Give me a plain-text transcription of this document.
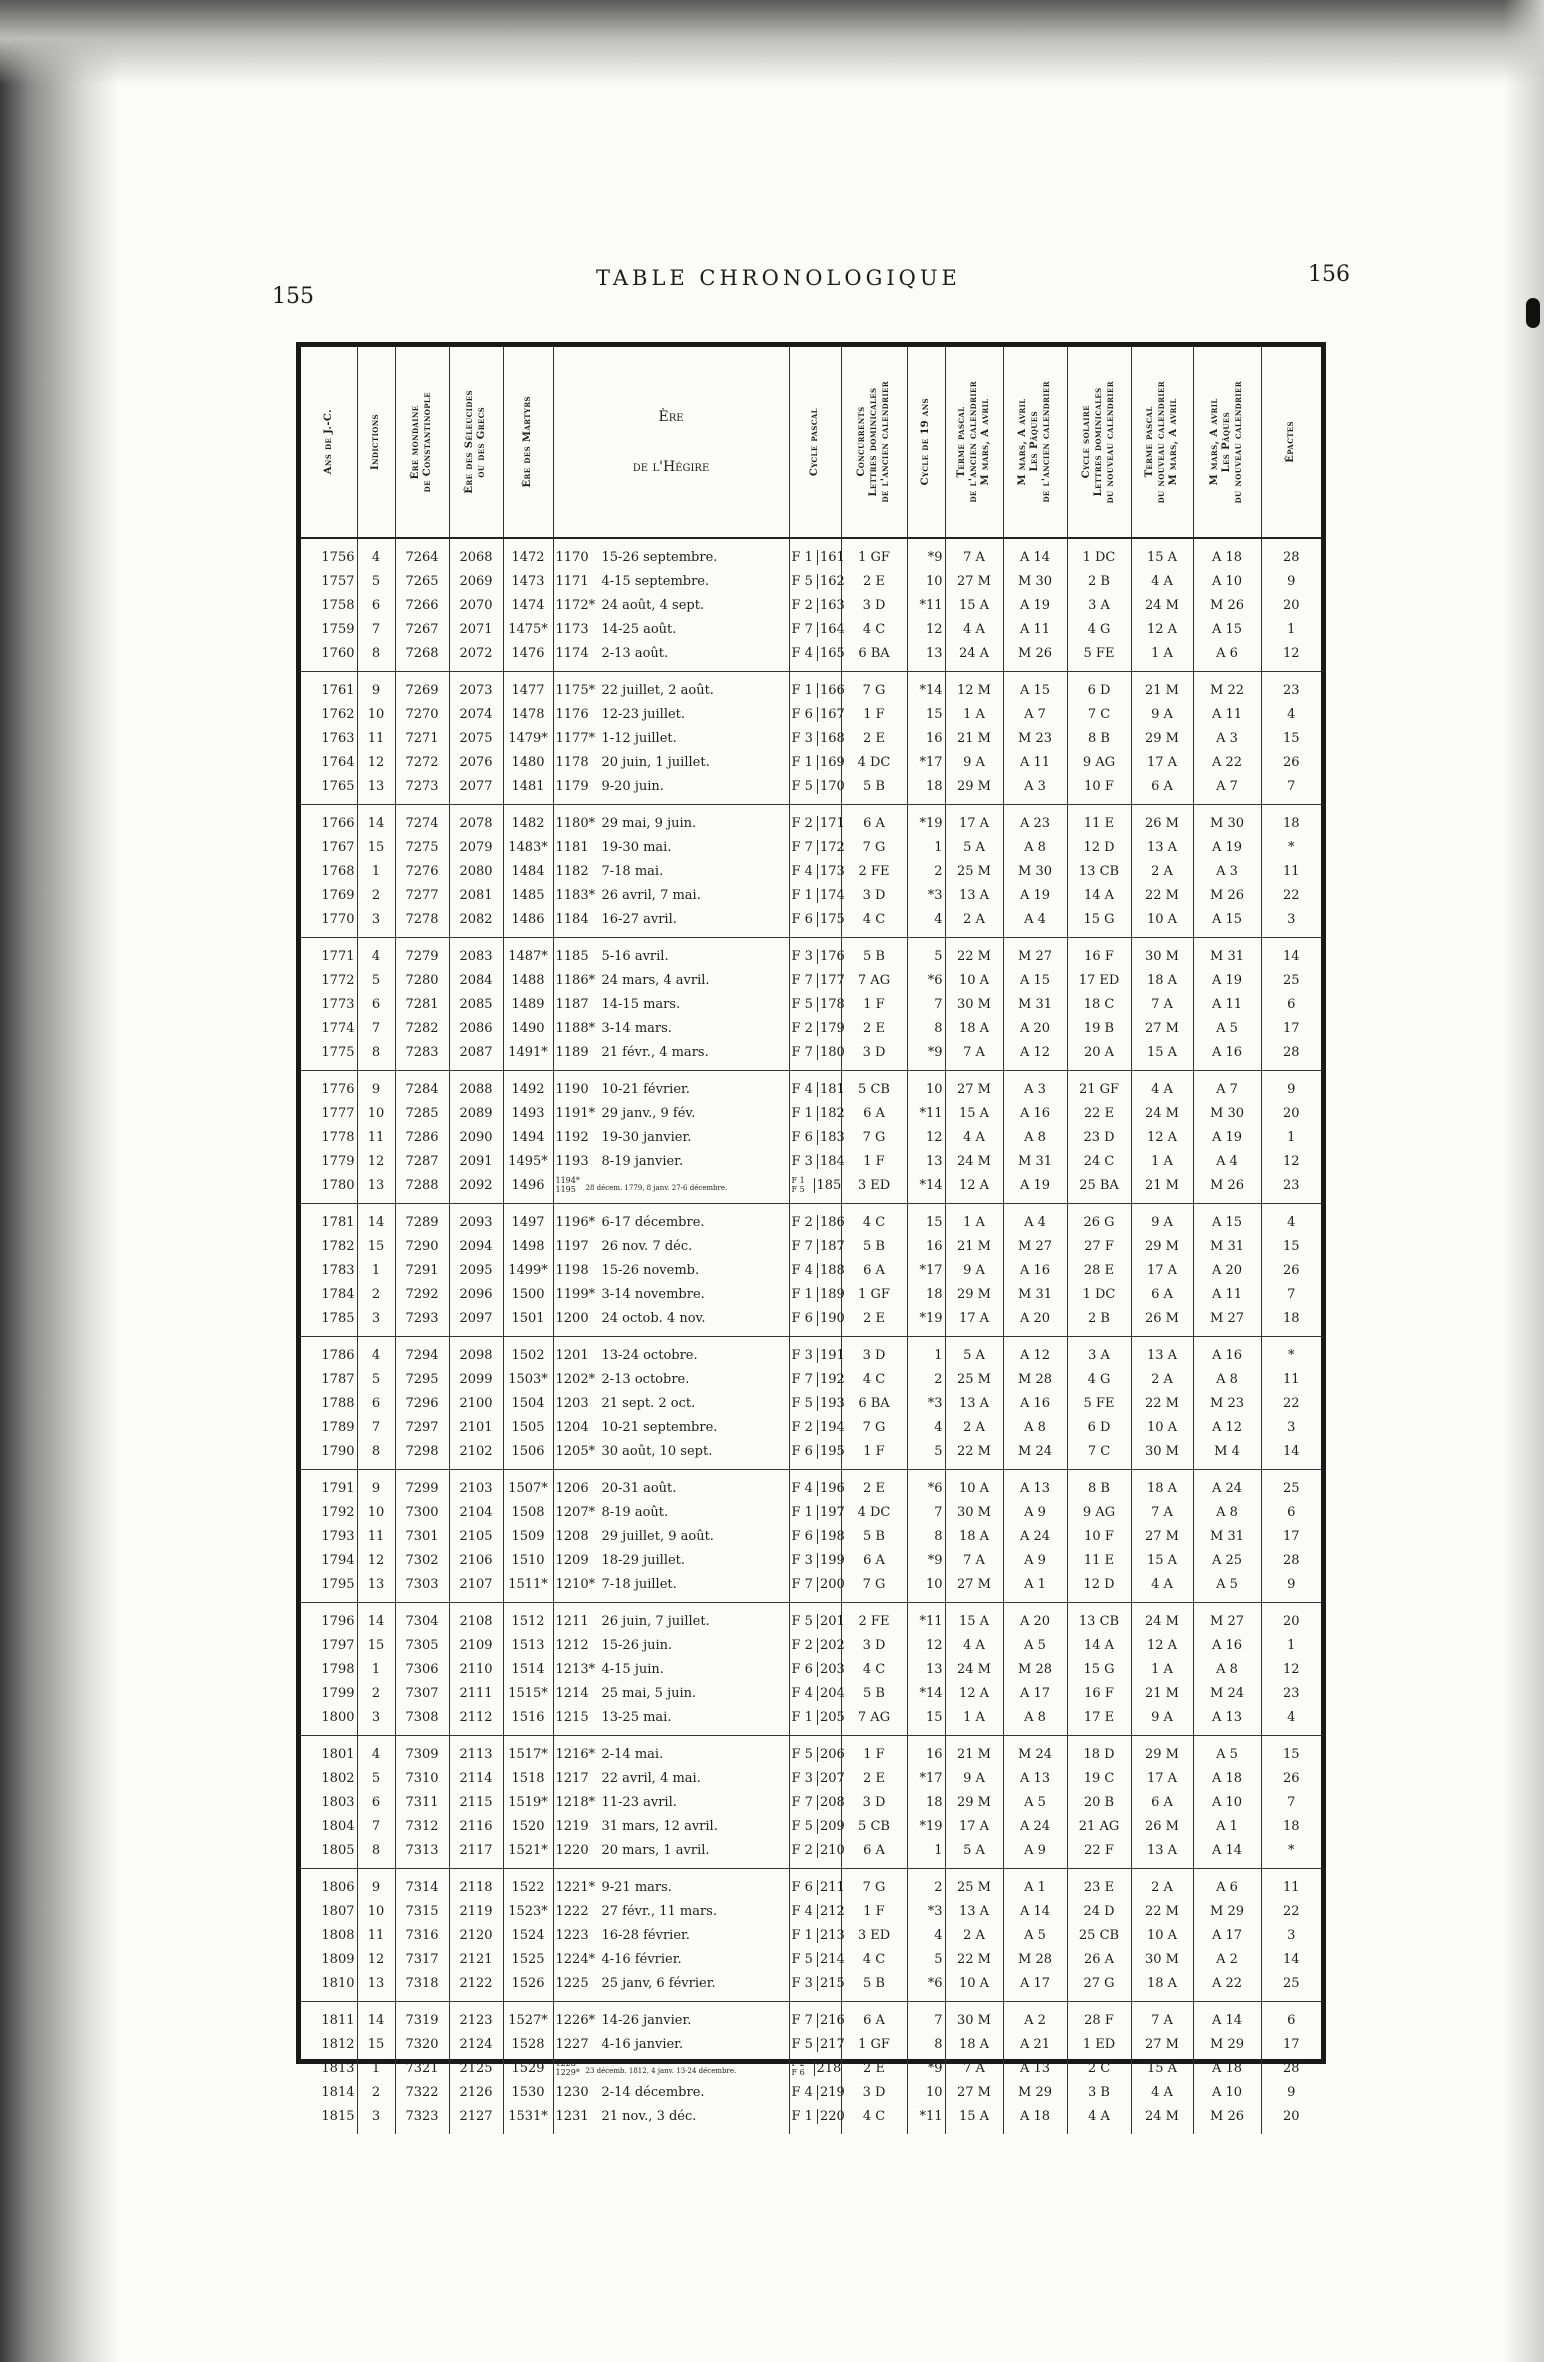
155
TABLE CHRONOLOGIQUE	156
Ans de J.-C.	Indictions	Ère mondaine
de Constantinople	Ère des Séleucides
ou des Grecs	Ère des Martyrs	Ère
de l'Hégire	Cycle pascal	Concurrents
Lettres dominicales
de l'ancien calendrier	Cycle de 19 ans	Terme pascal
de l'ancien calendrier
M mars, A avril	M mars, A avril
Les Pâques
de l'ancien calendrier	Cycle solaire
Lettres dominicales
du nouveau calendrier	Terme pascal
du nouveau calendrier
M mars, A avril	M mars, A avril
Les Pâques
du nouveau calendrier	Épactes

1756	4	7264	2068	1472	1170 15-26 septembre.	F 1 161	1 GF	*9	7 A	A 14	1 DC	15 A	A 18	28
1757	5	7265	2069	1473	1171 4-15 septembre.	F 5 162	2 E	10	27 M	M 30	2 B	4 A	A 10	9
1758	6	7266	2070	1474	1172* 24 août, 4 sept.	F 2 163	3 D	*11	15 A	A 19	3 A	24 M	M 26	20
1759	7	7267	2071	1475*	1173 14-25 août.	F 7 164	4 C	12	4 A	A 11	4 G	12 A	A 15	1
1760	8	7268	2072	1476	1174 2-13 août.	F 4 165	6 BA	13	24 A	M 26	5 FE	1 A	A 6	12
1761	9	7269	2073	1477	1175* 22 juillet, 2 août.	F 1 166	7 G	*14	12 M	A 15	6 D	21 M	M 22	23
1762	10	7270	2074	1478	1176 12-23 juillet.	F 6 167	1 F	15	1 A	A 7	7 C	9 A	A 11	4
1763	11	7271	2075	1479*	1177* 1-12 juillet.	F 3 168	2 E	16	21 M	M 23	8 B	29 M	A 3	15
1764	12	7272	2076	1480	1178 20 juin, 1 juillet.	F 1 169	4 DC	*17	9 A	A 11	9 AG	17 A	A 22	26
1765	13	7273	2077	1481	1179 9-20 juin.	F 5 170	5 B	18	29 M	A 3	10 F	6 A	A 7	7
1766	14	7274	2078	1482	1180* 29 mai, 9 juin.	F 2 171	6 A	*19	17 A	A 23	11 E	26 M	M 30	18
1767	15	7275	2079	1483*	1181 19-30 mai.	F 7 172	7 G	1	5 A	A 8	12 D	13 A	A 19	*
1768	1	7276	2080	1484	1182 7-18 mai.	F 4 173	2 FE	2	25 M	M 30	13 CB	2 A	A 3	11
1769	2	7277	2081	1485	1183* 26 avril, 7 mai.	F 1 174	3 D	*3	13 A	A 19	14 A	22 M	M 26	22
1770	3	7278	2082	1486	1184 16-27 avril.	F 6 175	4 C	4	2 A	A 4	15 G	10 A	A 15	3
1771	4	7279	2083	1487*	1185 5-16 avril.	F 3 176	5 B	5	22 M	M 27	16 F	30 M	M 31	14
1772	5	7280	2084	1488	1186* 24 mars, 4 avril.	F 7 177	7 AG	*6	10 A	A 15	17 ED	18 A	A 19	25
1773	6	7281	2085	1489	1187 14-15 mars.	F 5 178	1 F	7	30 M	M 31	18 C	7 A	A 11	6
1774	7	7282	2086	1490	1188* 3-14 mars.	F 2 179	2 E	8	18 A	A 20	19 B	27 M	A 5	17
1775	8	7283	2087	1491*	1189 21 févr., 4 mars.	F 7 180	3 D	*9	7 A	A 12	20 A	15 A	A 16	28
1776	9	7284	2088	1492	1190 10-21 février.	F 4 181	5 CB	10	27 M	A 3	21 GF	4 A	A 7	9
1777	10	7285	2089	1493	1191* 29 janv., 9 fév.	F 1 182	6 A	*11	15 A	A 16	22 E	24 M	M 30	20
1778	11	7286	2090	1494	1192 19-30 janvier.	F 6 183	7 G	12	4 A	A 8	23 D	12 A	A 19	1
1779	12	7287	2091	1495*	1193 8-19 janvier.	F 3 184	1 F	13	24 M	M 31	24 C	1 A	A 4	12
1780	13	7288	2092	1496	1194* 1195 28 décem. 1779, 8 janv. 27-6 décembre.	F 1 F 5 185	3 ED	*14	12 A	A 19	25 BA	21 M	M 26	23
1781	14	7289	2093	1497	1196* 6-17 décembre.	F 2 186	4 C	15	1 A	A 4	26 G	9 A	A 15	4
1782	15	7290	2094	1498	1197 26 nov. 7 déc.	F 7 187	5 B	16	21 M	M 27	27 F	29 M	M 31	15
1783	1	7291	2095	1499*	1198 15-26 novemb.	F 4 188	6 A	*17	9 A	A 16	28 E	17 A	A 20	26
1784	2	7292	2096	1500	1199* 3-14 novembre.	F 1 189	1 GF	18	29 M	M 31	1 DC	6 A	A 11	7
1785	3	7293	2097	1501	1200 24 octob. 4 nov.	F 6 190	2 E	*19	17 A	A 20	2 B	26 M	M 27	18
1786	4	7294	2098	1502	1201 13-24 octobre.	F 3 191	3 D	1	5 A	A 12	3 A	13 A	A 16	*
1787	5	7295	2099	1503*	1202* 2-13 octobre.	F 7 192	4 C	2	25 M	M 28	4 G	2 A	A 8	11
1788	6	7296	2100	1504	1203 21 sept. 2 oct.	F 5 193	6 BA	*3	13 A	A 16	5 FE	22 M	M 23	22
1789	7	7297	2101	1505	1204 10-21 septembre.	F 2 194	7 G	4	2 A	A 8	6 D	10 A	A 12	3
1790	8	7298	2102	1506	1205* 30 août, 10 sept.	F 6 195	1 F	5	22 M	M 24	7 C	30 M	M 4	14
1791	9	7299	2103	1507*	1206 20-31 août.	F 4 196	2 E	*6	10 A	A 13	8 B	18 A	A 24	25
1792	10	7300	2104	1508	1207* 8-19 août.	F 1 197	4 DC	7	30 M	A 9	9 AG	7 A	A 8	6
1793	11	7301	2105	1509	1208 29 juillet, 9 août.	F 6 198	5 B	8	18 A	A 24	10 F	27 M	M 31	17
1794	12	7302	2106	1510	1209 18-29 juillet.	F 3 199	6 A	*9	7 A	A 9	11 E	15 A	A 25	28
1795	13	7303	2107	1511*	1210* 7-18 juillet.	F 7 200	7 G	10	27 M	A 1	12 D	4 A	A 5	9
1796	14	7304	2108	1512	1211 26 juin, 7 juillet.	F 5 201	2 FE	*11	15 A	A 20	13 CB	24 M	M 27	20
1797	15	7305	2109	1513	1212 15-26 juin.	F 2 202	3 D	12	4 A	A 5	14 A	12 A	A 16	1
1798	1	7306	2110	1514	1213* 4-15 juin.	F 6 203	4 C	13	24 M	M 28	15 G	1 A	A 8	12
1799	2	7307	2111	1515*	1214 25 mai, 5 juin.	F 4 204	5 B	*14	12 A	A 17	16 F	21 M	M 24	23
1800	3	7308	2112	1516	1215 13-25 mai.	F 1 205	7 AG	15	1 A	A 8	17 E	9 A	A 13	4
1801	4	7309	2113	1517*	1216* 2-14 mai.	F 5 206	1 F	16	21 M	M 24	18 D	29 M	A 5	15
1802	5	7310	2114	1518	1217 22 avril, 4 mai.	F 3 207	2 E	*17	9 A	A 13	19 C	17 A	A 18	26
1803	6	7311	2115	1519*	1218* 11-23 avril.	F 7 208	3 D	18	29 M	A 5	20 B	6 A	A 10	7
1804	7	7312	2116	1520	1219 31 mars, 12 avril.	F 5 209	5 CB	*19	17 A	A 24	21 AG	26 M	A 1	18
1805	8	7313	2117	1521*	1220 20 mars, 1 avril.	F 2 210	6 A	1	5 A	A 9	22 F	13 A	A 14	*
1806	9	7314	2118	1522	1221* 9-21 mars.	F 6 211	7 G	2	25 M	A 1	23 E	2 A	A 6	11
1807	10	7315	2119	1523*	1222 27 févr., 11 mars.	F 4 212	1 F	*3	13 A	A 14	24 D	22 M	M 29	22
1808	11	7316	2120	1524	1223 16-28 février.	F 1 213	3 ED	4	2 A	A 5	25 CB	10 A	A 17	3
1809	12	7317	2121	1525	1224* 4-16 février.	F 5 214	4 C	5	22 M	M 28	26 A	30 M	A 2	14
1810	13	7318	2122	1526	1225 25 janv, 6 février.	F 3 215	5 B	*6	10 A	A 17	27 G	18 A	A 22	25
1811	14	7319	2123	1527*	1226* 14-26 janvier.	F 7 216	6 A	7	30 M	A 2	28 F	7 A	A 14	6
1812	15	7320	2124	1528	1227 4-16 janvier.	F 5 217	1 GF	8	18 A	A 21	1 ED	27 M	M 29	17
1813	1	7321	2125	1529	1228 1229* 23 décemb. 1812, 4 janv. 13-24 décembre.	F 2 F 6 218	2 E	*9	7 A	A 13	2 C	15 A	A 18	28
1814	2	7322	2126	1530	1230 2-14 décembre.	F 4 219	3 D	10	27 M	M 29	3 B	4 A	A 10	9
1815	3	7323	2127	1531*	1231 21 nov., 3 déc.	F 1 220	4 C	*11	15 A	A 18	4 A	24 M	M 26	20
